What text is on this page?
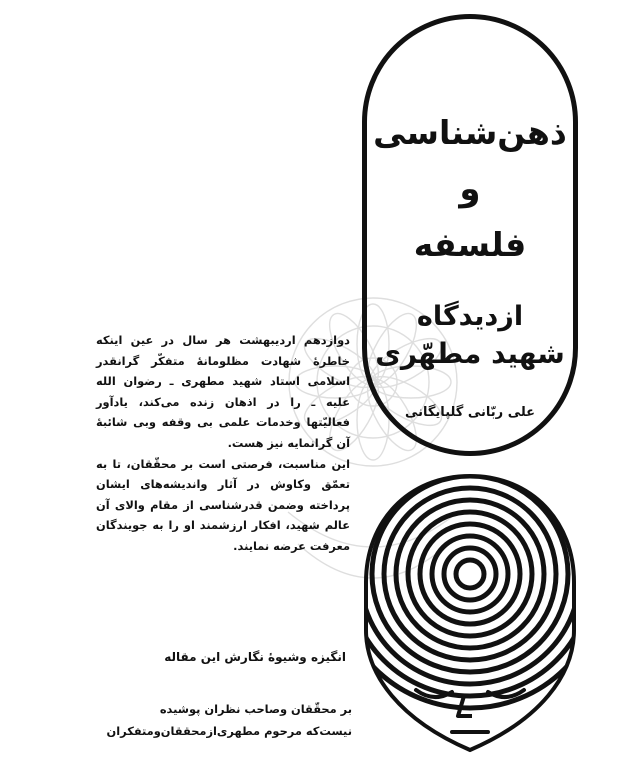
ذهن‌شناسی
و
فلسفه
ازدیدگاه
شهید مطهّری
علی ربّانی گلپایگانی

دوازدهم اردیبهشت هر سال در عین اینکه خاطرهٔ شهادت مظلومانهٔ متفکّر گرانقدر اسلامی استاد شهید مطهری ـ رضوان الله علیه ـ را در اذهان زنده می‌کند، یادآور فعالیّتها وخدمات علمی بی وقفه وبی شائبهٔ آن گرانمایه نیز هست.

این مناسبت، فرصتی است بر محقّقان، تا به تعمّق وکاوش در آثار واندیشه‌های ایشان پرداخته وضمن قدرشناسی از مقام والای آن عالم شهید، افکار ارزشمند او را به جویندگان معرفت عرضه نمایند.

انگیزه وشیوهٔ نگارش این مقاله
بر محقّقان وصاحب نظران پوشیده
نیست‌که مرحوم مطهری‌ازمحققان‌ومتفکران
